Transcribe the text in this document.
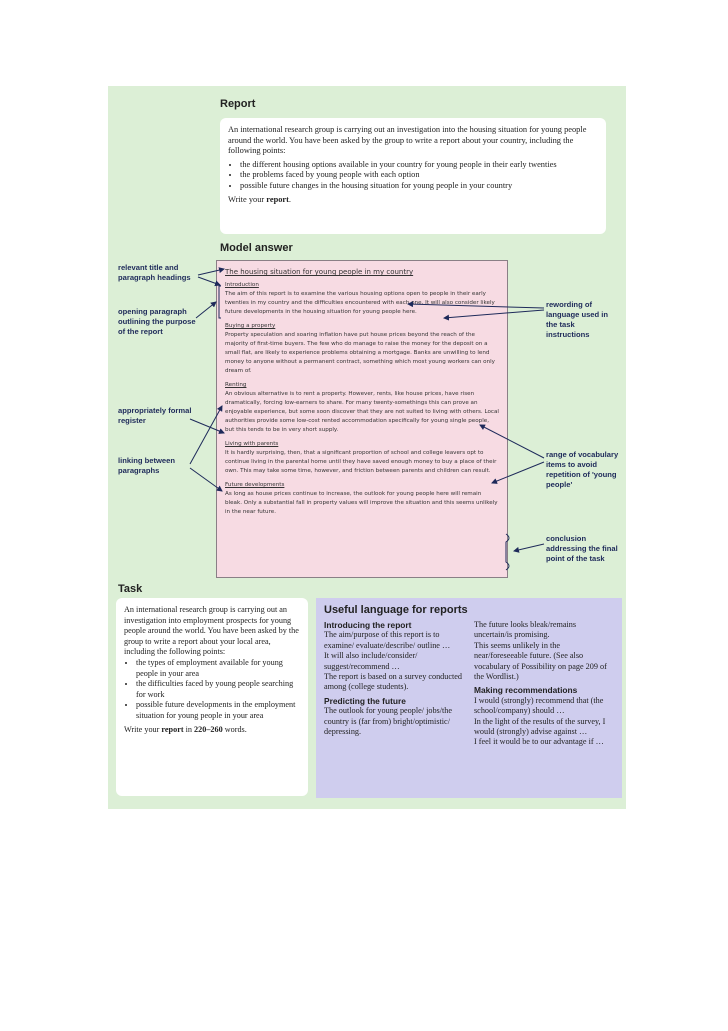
Report

An international research group is carrying out an investigation into the housing situation for young people around the world. You have been asked by the group to write a report about your country, including the following points:

• the different housing options available in your country for young people in their early twenties
• the problems faced by young people with each option
• possible future changes in the housing situation for young people in your country

Write your report.

Model answer
The housing situation for young people in my country

Introduction

The aim of this report is to examine the various housing options open to people in their early twenties in my country and the difficulties encountered with each one. It will also consider likely future developments in the housing situation for young people here.

Buying a property

Property speculation and soaring inflation have put house prices beyond the reach of the majority of first-time buyers. The few who do manage to raise the money for the deposit on a small flat, are likely to experience problems obtaining a mortgage. Banks are unwilling to lend money to anyone without a permanent contract, something which most young workers can only dream of.

Renting

An obvious alternative is to rent a property. However, rents, like house prices, have risen dramatically, forcing low-earners to share. For many twenty-somethings this can prove an enjoyable experience, but some soon discover that they are not suited to living with others. Local authorities provide some low-cost rented accommodation specifically for young single people, but this tends to be in very short supply.

Living with parents

It is hardly surprising, then, that a significant proportion of school and college leavers opt to continue living in the parental home until they have saved enough money to buy a place of their own. This may take some time, however, and friction between parents and children can result.

Future developments

As long as house prices continue to increase, the outlook for young people here will remain bleak. Only a substantial fall in property values will improve the situation and this seems unlikely in the near future.

relevant title and paragraph headings
opening paragraph outlining the purpose of the report
appropriately formal register
linking between paragraphs
rewording of language used in the task instructions
range of vocabulary items to avoid repetition of 'young people'
conclusion addressing the final point of the task
Task

An international research group is carrying out an investigation into employment prospects for young people around the world. You have been asked by the group to write a report about your local area, including the following points:

• the types of employment available for young people in your area
• the difficulties faced by young people searching for work
• possible future developments in the employment situation for young people in your area

Write your report in 220–260 words.

Useful language for reports
Introducing the report
The aim/purpose of this report is to examine/ evaluate/describe/ outline …
It will also include/consider/ suggest/recommend …
The report is based on a survey conducted among (college students).
Predicting the future
The outlook for young people/ jobs/the country is (far from) bright/optimistic/ depressing.
The future looks bleak/remains uncertain/is promising.
This seems unlikely in the near/foreseeable future. (See also vocabulary of Possibility on page 209 of the Wordlist.)
Making recommendations
I would (strongly) recommend that (the school/company) should …
In the light of the results of the survey, I would (strongly) advise against …
I feel it would be to our advantage if …
